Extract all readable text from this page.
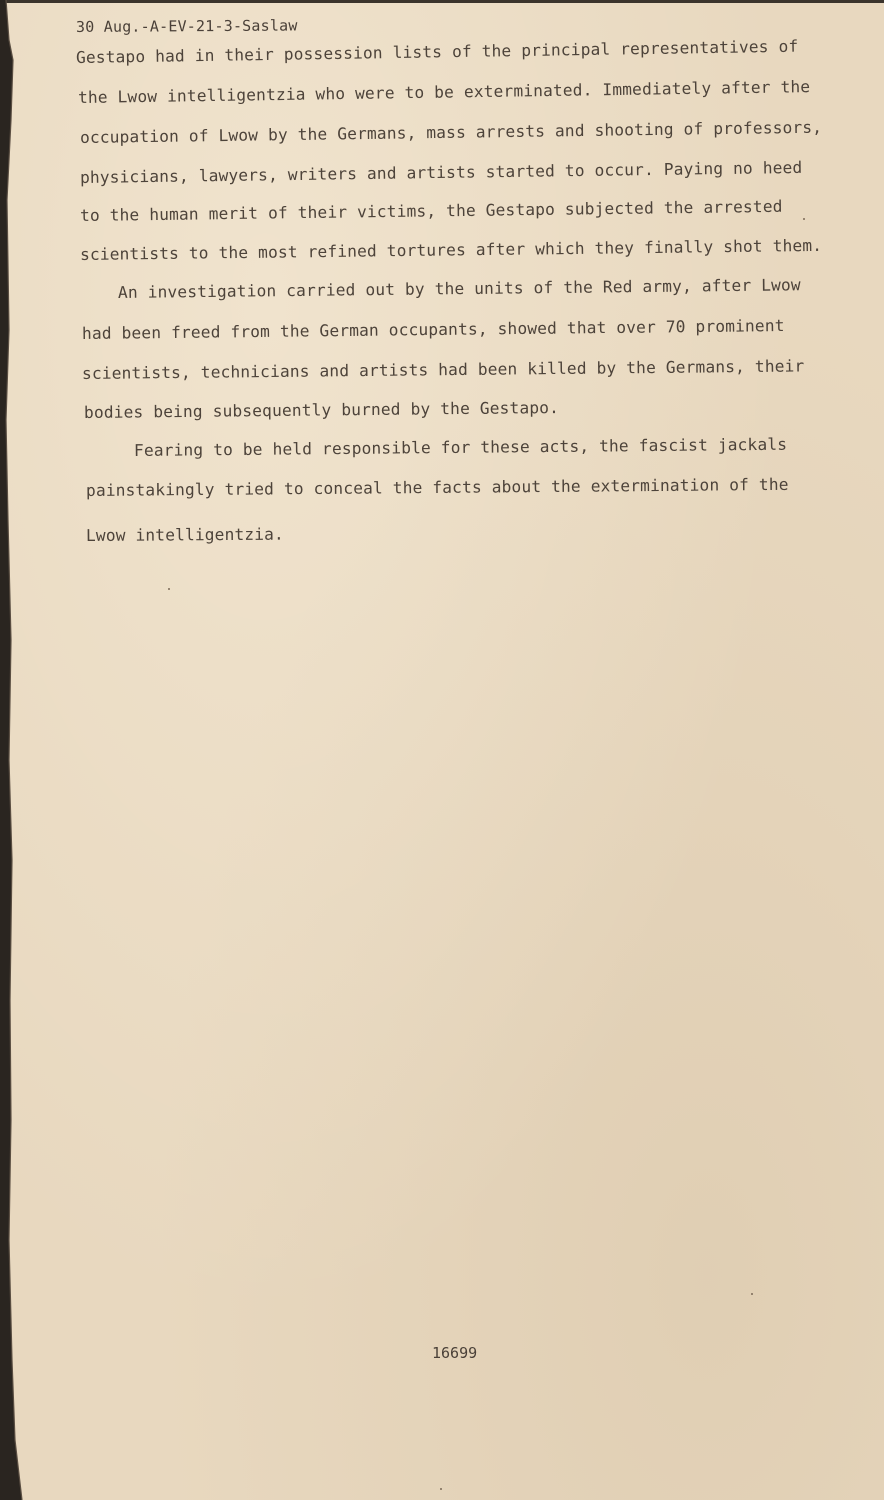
30 Aug.-A-EV-21-3-Saslaw
Gestapo had in their possession lists of the principal representatives of
the Lwow intelligentzia who were to be exterminated. Immediately after the
occupation of Lwow by the Germans, mass arrests and shooting of professors,
physicians, lawyers, writers and artists started to occur. Paying no heed
to the human merit of their victims, the Gestapo subjected the arrested
scientists to the most refined tortures after which they finally shot them.
An investigation carried out by the units of the Red army, after Lwow
had been freed from the German occupants, showed that over 70 prominent
scientists, technicians and artists had been killed by the Germans, their
bodies being subsequently burned by the Gestapo.
Fearing to be held responsible for these acts, the fascist jackals
painstakingly tried to conceal the facts about the extermination of the
Lwow intelligentzia.
16699
